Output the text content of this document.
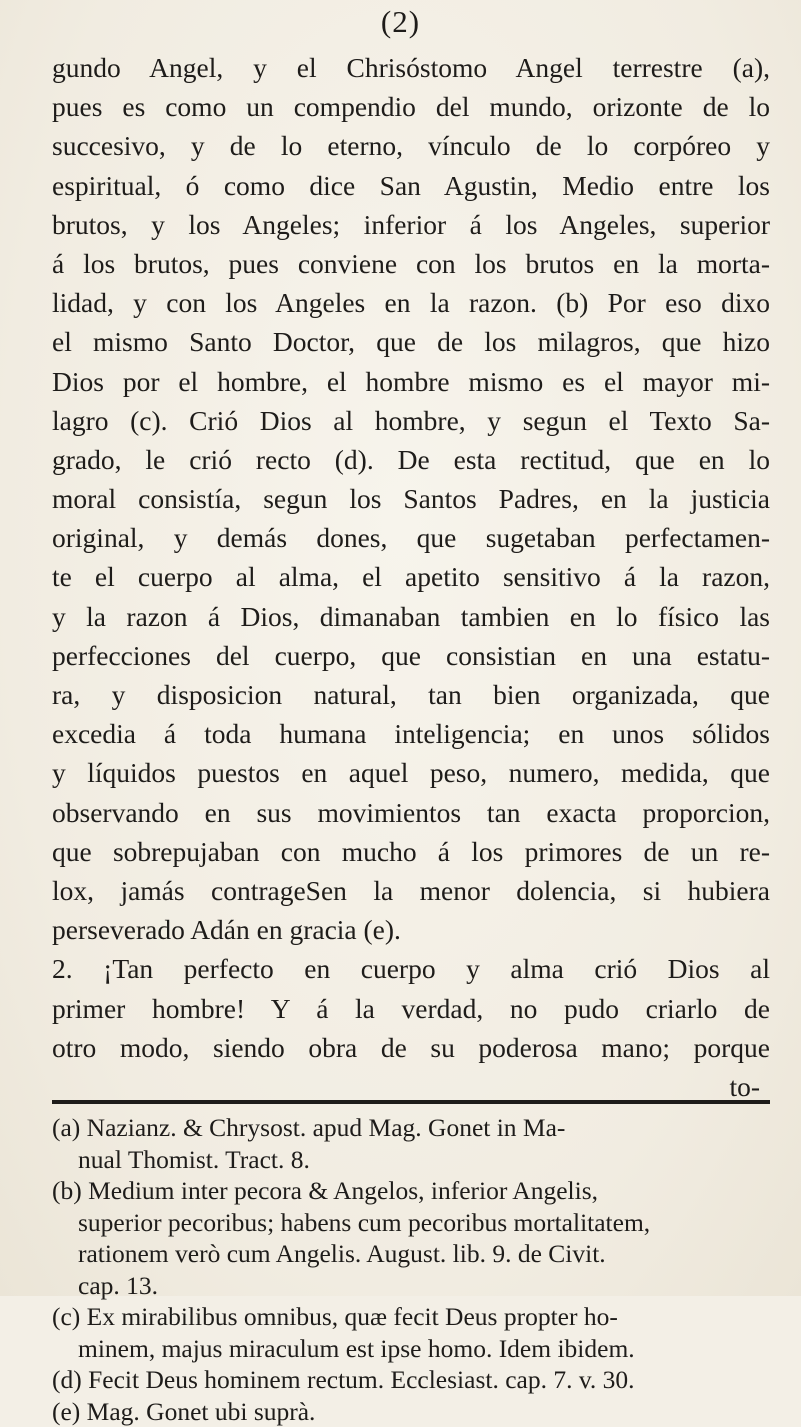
(2)
gundo Angel, y el Chrisóstomo Angel terrestre (a),
pues es como un compendio del mundo, orizonte de lo
succesivo, y de lo eterno, vínculo de lo corpóreo y
espiritual, ó como dice San Agustin, Medio entre los
brutos, y los Angeles; inferior á los Angeles, superior
á los brutos, pues conviene con los brutos en la morta-
lidad, y con los Angeles en la razon. (b) Por eso dixo
el mismo Santo Doctor, que de los milagros, que hizo
Dios por el hombre, el hombre mismo es el mayor mi-
lagro (c). Crió Dios al hombre, y segun el Texto Sa-
grado, le crió recto (d). De esta rectitud, que en lo
moral consistía, segun los Santos Padres, en la justicia
original, y demás dones, que sugetaban perfectamen-
te el cuerpo al alma, el apetito sensitivo á la razon,
y la razon á Dios, dimanaban tambien en lo físico las
perfecciones del cuerpo, que consistian en una estatu-
ra, y disposicion natural, tan bien organizada, que
excedia á toda humana inteligencia; en unos sólidos
y líquidos puestos en aquel peso, numero, medida, que
observando en sus movimientos tan exacta proporcion,
que sobrepujaban con mucho á los primores de un re-
lox, jamás contrageSen la menor dolencia, si hubiera
perseverado Adán en gracia (e).
2. ¡Tan perfecto en cuerpo y alma crió Dios al
primer hombre! Y á la verdad, no pudo criarlo de
otro modo, siendo obra de su poderosa mano; porque
to-
(a) Nazianz. & Chrysost. apud Mag. Gonet in Ma-
nual Thomist. Tract. 8.
(b) Medium inter pecora & Angelos, inferior Angelis,
superior pecoribus; habens cum pecoribus mortalitatem,
rationem verò cum Angelis. August. lib. 9. de Civit.
cap. 13.
(c) Ex mirabilibus omnibus, quæ fecit Deus propter ho-
minem, majus miraculum est ipse homo. Idem ibidem.
(d) Fecit Deus hominem rectum. Ecclesiast. cap. 7. v. 30.
(e) Mag. Gonet ubi suprà.
